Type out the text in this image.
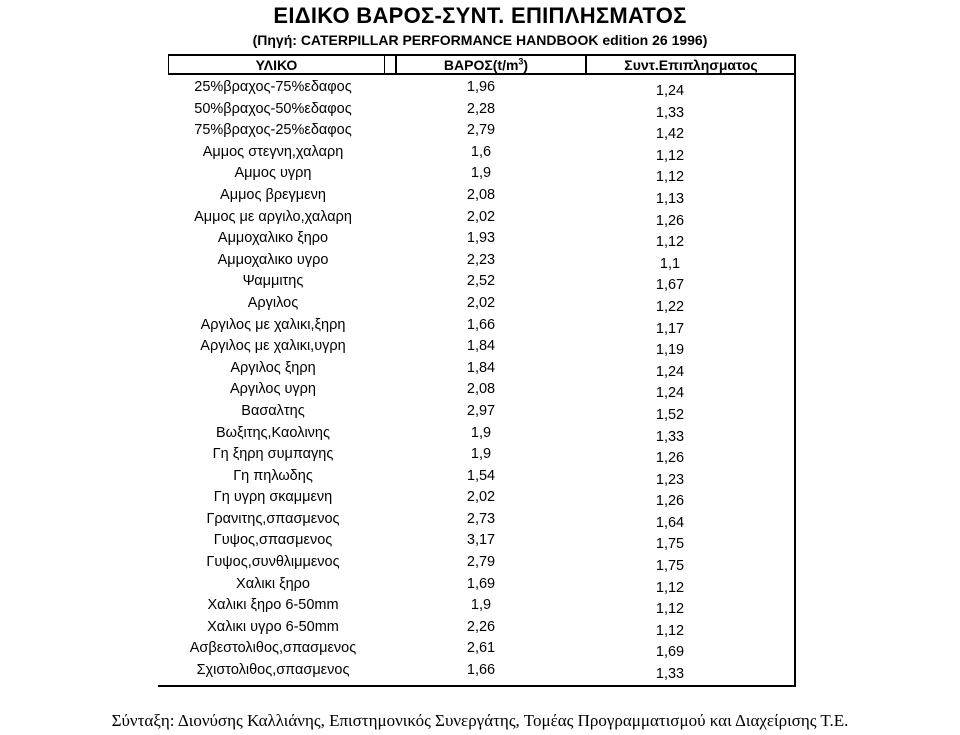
ΕΙΔΙΚΟ ΒΑΡΟΣ-ΣΥΝΤ. ΕΠΙΠΛΗΣΜΑΤΟΣ
(Πηγή: CATERPILLAR PERFORMANCE HANDBOOK edition 26 1996)
ΥΛΙΚΟ	$BAPO\Sigma(t/m^3)$	Συντ.Επιπλησματος
25%βραχος-75%εδαφος	1,96	1,24
50%βραχος-50%εδαφος	2,28	1,33
75%βραχος-25%εδαφος	2,79	1,42
Αμμος στεγνη,χαλαρη	1,6	1,12
Αμμος υγρη	1,9	1,12
Αμμος βρεγμενη	2,08	1,13
Αμμος με αργιλο,χαλαρη	2,02	1,26
Αμμοχαλικο ξηρο	1,93	1,12
Αμμοχαλικο υγρο	2,23	1,1
Ψαμμιτης	2,52	1,67
Αργιλος	2,02	1,22
Αργιλος με χαλικι,ξηρη	1,66	1,17
Αργιλος με χαλικι,υγρη	1,84	1,19
Αργιλος ξηρη	1,84	1,24
Αργιλος υγρη	2,08	1,24
Βασαλτης	2,97	1,52
Βωξιτης,Καολινης	1,9	1,33
Γη ξηρη συμπαγης	1,9	1,26
Γη πηλωδης	1,54	1,23
Γη υγρη σκαμμενη	2,02	1,26
Γρανιτης,σπασμενος	2,73	1,64
Γυψος,σπασμενος	3,17	1,75
Γυψος,συνθλιμμενος	2,79	1,75
Χαλικι ξηρο	1,69	1,12
Χαλικι ξηρο 6-50mm	1,9	1,12
Χαλικι υγρο 6-50mm	2,26	1,12
Ασβεστολιθος,σπασμενος	2,61	1,69
Σχιστολιθος,σπασμενος	1,66	1,33
Σύνταξη: Διονύσης Καλλιάνης, Επιστημονικός Συνεργάτης, Τομέας Προγραμματισμού και Διαχείρισης Τ.Ε.
